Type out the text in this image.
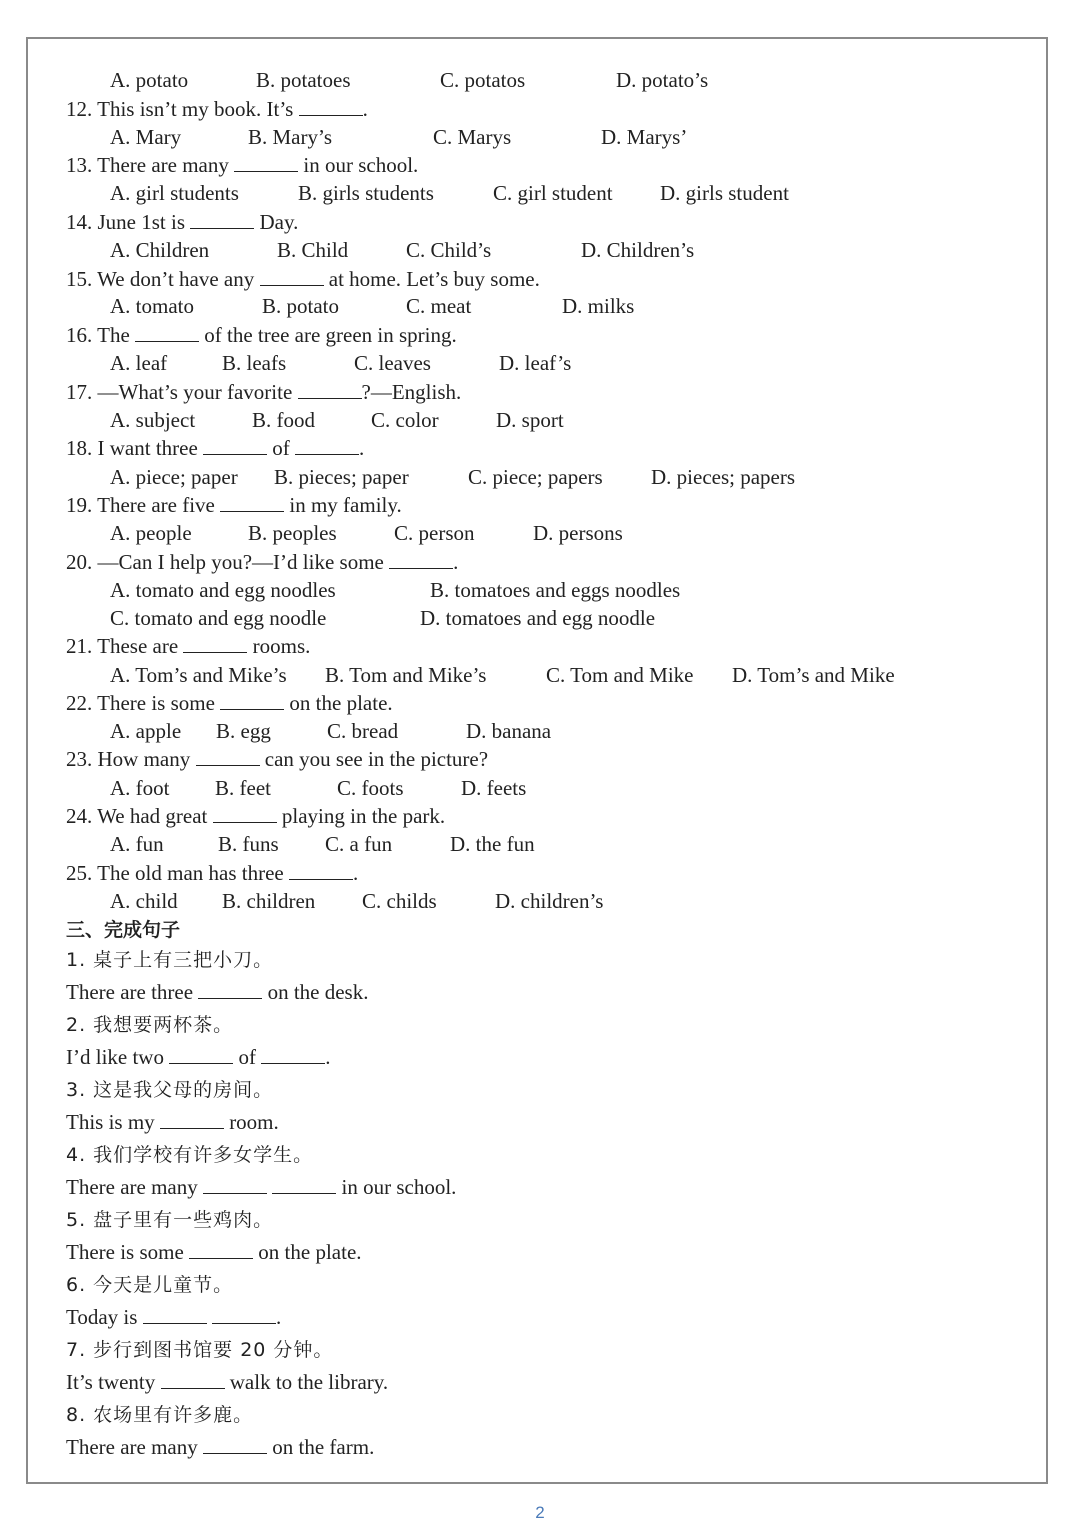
A. potato	B. potatoes	C. potatos	D. potato’s
12. This isn’t my book. It’s	.
A. Mary	B. Mary’s	C. Marys	D. Marys’
13. There are many	in our school.
A. girl students	B. girls students	C. girl student D. girls student
14. June 1st is	Day.
A. Children	B. Child	C. Child’s	D. Children’s
15. We don’t have any	at home. Let’s buy some.
A. tomato	B. potato	C. meat	D. milks
16. The	of the tree are green in spring.
A. leaf	B. leafs	C. leaves	D. leaf’s
17. —What’s your favorite	?—English.
A. subject	B. food	C. color	D. sport
18. I want three	of	.
A. piece; paper B. pieces; paper	C. piece; papers D. pieces; papers
19. There are five	in my family.
A. people	B. peoples	C. person	D. persons
20. —Can I help you?—I’d like some	.
A. tomato and egg noodles	B. tomatoes and eggs noodles
C. tomato and egg noodle	D. tomatoes and egg noodle
21. These are	rooms.
A. Tom’s and Mike’s B. Tom and Mike’s	C. Tom and Mike D. Tom’s and Mike
22. There is some	on the plate.
A. apple B. egg	C. bread	D. banana
23. How many	can you see in the picture?
A. foot B. feet	C. foots	D. feets
24. We had great	playing in the park.
A. fun	B. funs C. a fun	D. the fun
25. The old man has three	.
A. child B. children C. childs	D. children’s
三、完成句子
1. 桌子上有三把小刀。
There are three	on the desk.
2. 我想要两杯茶。
I’d like two	of	.
3. 这是我父母的房间。
This is my	room.
4. 我们学校有许多女学生。
There are many	in our school.
5. 盘子里有一些鸡肉。
There is some	on the plate.
6. 今天是儿童节。
Today is	.
7. 步行到图书馆要 20 分钟。
It’s twenty	walk to the library.
8. 农场里有许多鹿。
There are many	on the farm.
2
